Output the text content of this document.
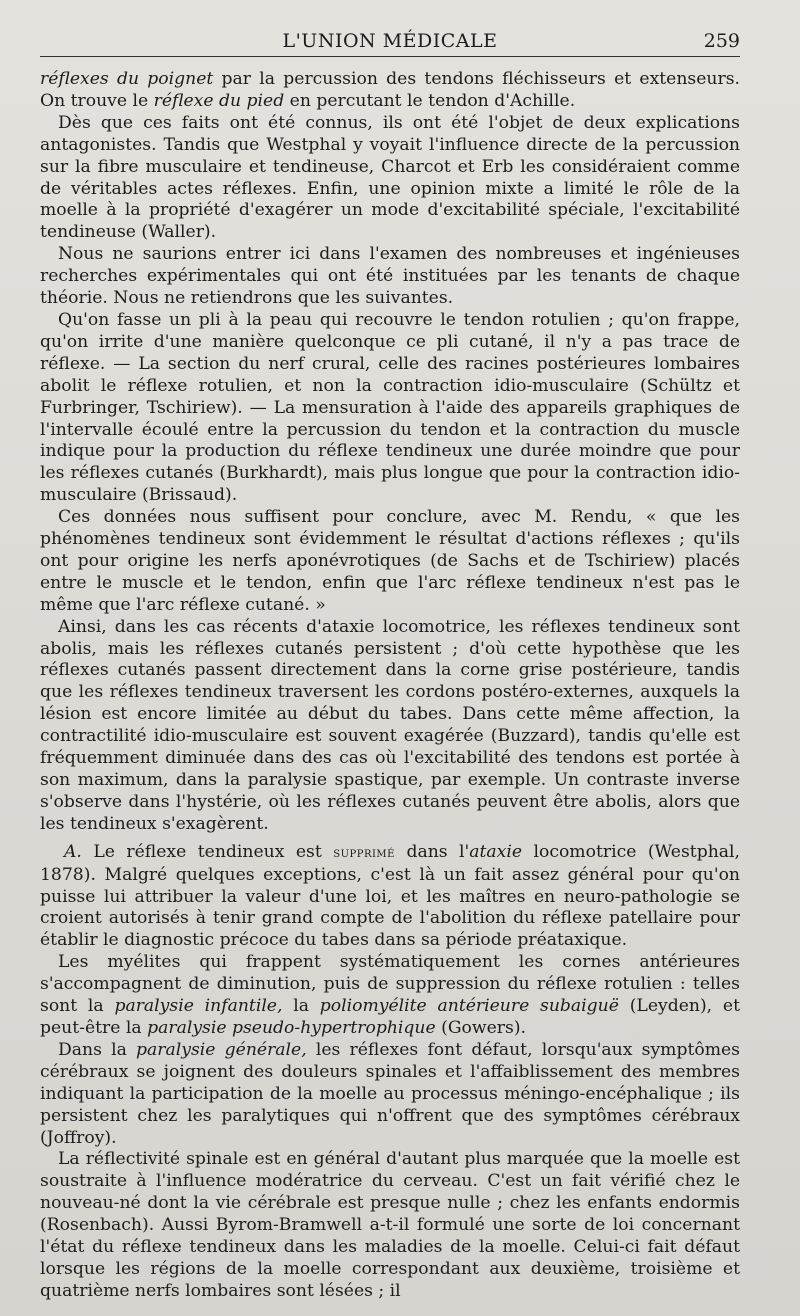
L'UNION MÉDICALE	259

réflexes du poignet par la percussion des tendons fléchisseurs et extenseurs. On trouve le réflexe du pied en percutant le tendon d'Achille.

Dès que ces faits ont été connus, ils ont été l'objet de deux explications antagonistes. Tandis que Westphal y voyait l'influence directe de la percussion sur la fibre musculaire et tendineuse, Charcot et Erb les considéraient comme de véritables actes réflexes. Enfin, une opinion mixte a limité le rôle de la moelle à la propriété d'exagérer un mode d'excitabilité spéciale, l'excitabilité tendineuse (Waller).

Nous ne saurions entrer ici dans l'examen des nombreuses et ingénieuses recherches expérimentales qui ont été instituées par les tenants de chaque théorie. Nous ne retiendrons que les suivantes.

Qu'on fasse un pli à la peau qui recouvre le tendon rotulien ; qu'on frappe, qu'on irrite d'une manière quelconque ce pli cutané, il n'y a pas trace de réflexe. — La section du nerf crural, celle des racines postérieures lombaires abolit le réflexe rotulien, et non la contraction idio-musculaire (Schültz et Furbringer, Tschiriew). — La mensuration à l'aide des appareils graphiques de l'intervalle écoulé entre la percussion du tendon et la contraction du muscle indique pour la production du réflexe tendineux une durée moindre que pour les réflexes cutanés (Burkhardt), mais plus longue que pour la contraction idio-musculaire (Brissaud).

Ces données nous suffisent pour conclure, avec M. Rendu, « que les phénomènes tendineux sont évidemment le résultat d'actions réflexes ; qu'ils ont pour origine les nerfs aponévrotiques (de Sachs et de Tschiriew) placés entre le muscle et le tendon, enfin que l'arc réflexe tendineux n'est pas le même que l'arc réflexe cutané. »

Ainsi, dans les cas récents d'ataxie locomotrice, les réflexes tendineux sont abolis, mais les réflexes cutanés persistent ; d'où cette hypothèse que les réflexes cutanés passent directement dans la corne grise postérieure, tandis que les réflexes tendineux traversent les cordons postéro-externes, auxquels la lésion est encore limitée au début du tabes. Dans cette même affection, la contractilité idio-musculaire est souvent exagérée (Buzzard), tandis qu'elle est fréquemment diminuée dans des cas où l'excitabilité des tendons est portée à son maximum, dans la paralysie spastique, par exemple. Un contraste inverse s'observe dans l'hystérie, où les réflexes cutanés peuvent être abolis, alors que les tendineux s'exagèrent.

A. Le réflexe tendineux est supprimé dans l'ataxie locomotrice (Westphal, 1878). Malgré quelques exceptions, c'est là un fait assez général pour qu'on puisse lui attribuer la valeur d'une loi, et les maîtres en neuro-pathologie se croient autorisés à tenir grand compte de l'abolition du réflexe patellaire pour établir le diagnostic précoce du tabes dans sa période préataxique.

Les myélites qui frappent systématiquement les cornes antérieures s'accompagnent de diminution, puis de suppression du réflexe rotulien : telles sont la paralysie infantile, la poliomyélite antérieure subaiguë (Leyden), et peut-être la paralysie pseudo-hypertrophique (Gowers).

Dans la paralysie générale, les réflexes font défaut, lorsqu'aux symptômes cérébraux se joignent des douleurs spinales et l'affaiblissement des membres indiquant la participation de la moelle au processus méningo-encéphalique ; ils persistent chez les paralytiques qui n'offrent que des symptômes cérébraux (Joffroy).

La réflectivité spinale est en général d'autant plus marquée que la moelle est soustraite à l'influence modératrice du cerveau. C'est un fait vérifié chez le nouveau-né dont la vie cérébrale est presque nulle ; chez les enfants endormis (Rosenbach). Aussi Byrom-Bramwell a-t-il formulé une sorte de loi concernant l'état du réflexe tendineux dans les maladies de la moelle. Celui-ci fait défaut lorsque les régions de la moelle correspondant aux deuxième, troisième et quatrième nerfs lombaires sont lésées ; il
